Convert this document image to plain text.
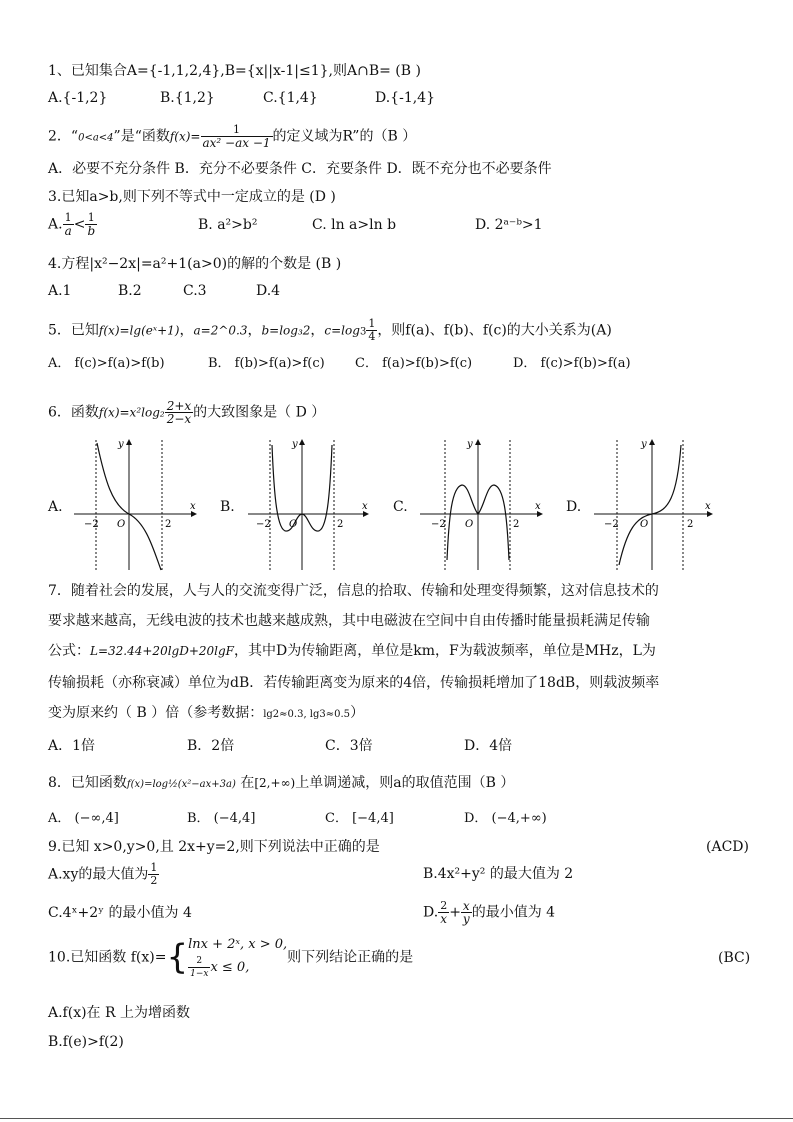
1、已知集合A={-1,1,2,4},B={x||x-1|≤1},则A∩B= (B )
A.{-1,2}	B.{1,2}	C.{1,4}	D.{-1,4}
2．“0<a<4”是“函数$f(x)= \frac{1}{\text{ax² −ax −1}}$ 的定义域为R”的（B ）
A．必要不充分条件 B．充分不必要条件 C．充要条件 D．既不充分也不必要条件
3.已知a>b,则下列不等式中一定成立的是 (D )
A. $\frac{1}{a} < \frac{1}{b}$	B. a²>b²	C. ln a>ln b	D. 2ᵃ⁻ᵇ>1
4.方程|x²−2x|=a²+1(a>0)的解的个数是 (B )
A.1	B.2	C.3	D.4
5．已知f(x)=lg(eˣ+1)，a=2^0.3，b=log₃2，$c=\log 3 \frac{1}{4}$ ，则f(a)、f(b)、f(c)的大小关系为(A)
A． f(c)>f(a)>f(b)	B． f(b)>f(a)>f(c) C． f(a)>f(b)>f(c)	D． f(c)>f(b)>f(a)
6．函数$f(x)=x^2\log_2 \frac{2+x}{2-x}$ 的大致图象是（ D ）
A.	B.	C.	D.
y
x
O
−2	2
y
x
O
−2	2
y
x
O
−2	2
y
x
O
−2	2
7．随着社会的发展，人与人的交流变得广泛，信息的拾取、传输和处理变得频繁，这对信息技术的
要求越来越高，无线电波的技术也越来越成熟，其中电磁波在空间中自由传播时能量损耗满足传输
公式：L=32.44+20lgD+20lgF，其中D为传输距离，单位是km，F为载波频率，单位是MHz，L为
传输损耗（亦称衰减）单位为dB．若传输距离变为原来的4倍，传输损耗增加了18dB，则载波频率
变为原来约（ B ）倍（参考数据：lg2≈0.3, lg3≈0.5）
A．1倍	B．2倍	C．3倍	D．4倍
8．已知函数f(x)=log½(x²−ax+3a) 在[2,+∞)上单调递减，则a的取值范围（B ）
A． (−∞,4]	B． (−4,4]	C． [−4,4]	D． (−4,+∞)
9.已知 x>0,y>0,且 2x+y=2,则下列说法中正确的是	(ACD)
A.xy的最大值为 $\frac{1}{2}$	B.4x²+y² 的最大值为 2
C.4ˣ+2ʸ 的最小值为 4	D. $\frac{2}{x} + \frac{x}{y}$ 的最小值为 4
10.已知函数 f(x)={ lnx + 2ˣ, x > 0,
$\frac{2}{1-x}$ x ≤ 0,
则下列结论正确的是	(BC)
A.f(x)在 R 上为增函数
B.f(e)>f(2)
